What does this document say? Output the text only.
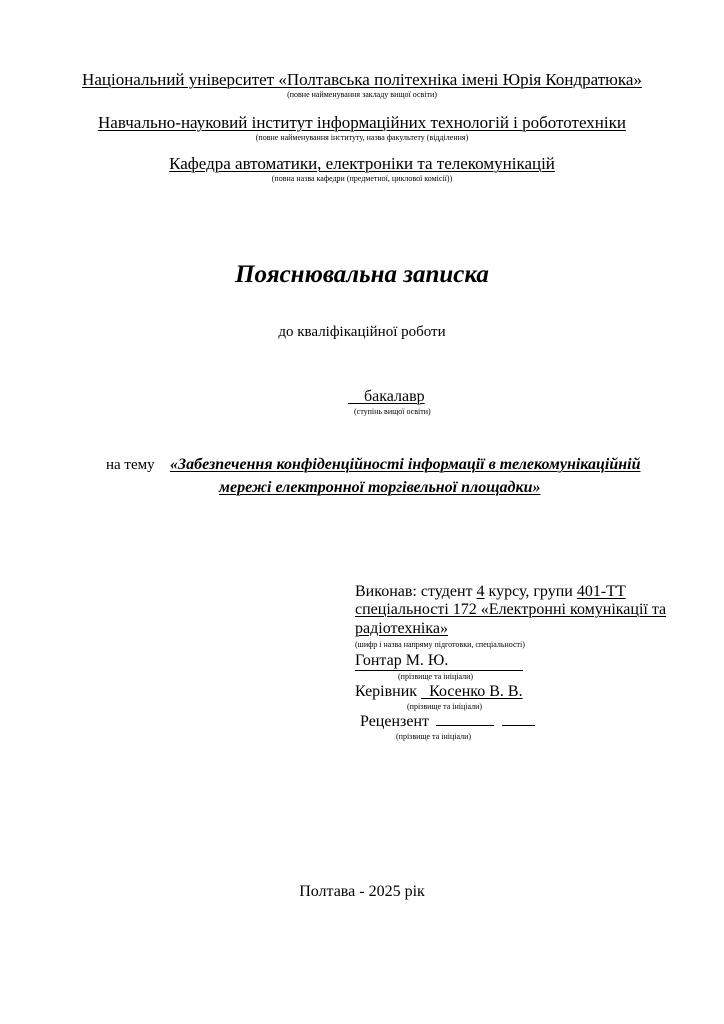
Національний університет «Полтавська політехніка імені Юрія Кондратюка»
(повне найменування закладу вищої освіти)
Навчально-науковий інститут інформаційних технологій і робототехніки
(повне найменування інституту, назва факультету (відділення)
Кафедра автоматики, електроніки та телекомунікацій
(повна назва кафедри (предметної, циклової комісії))
Пояснювальна записка
до кваліфікаційної роботи
бакалавр
(ступінь вищої освіти)
на тему «Забезпечення конфіденційності інформації в телекомунікаційній
мережі електронної торгівельної площадки»
Виконав: студент 4 курсу, групи 401-ТТ
спеціальності 172 «Електронні комунікації та
радіотехніка»
(шифр і назва напряму підготовки, спеціальності)
Гонтар М. Ю.
(прізвище та ініціали)
Керівник Косенко В. В.
(прізвище та ініціали)
Рецензент
(прізвище та ініціали)
Полтава - 2025 рік
